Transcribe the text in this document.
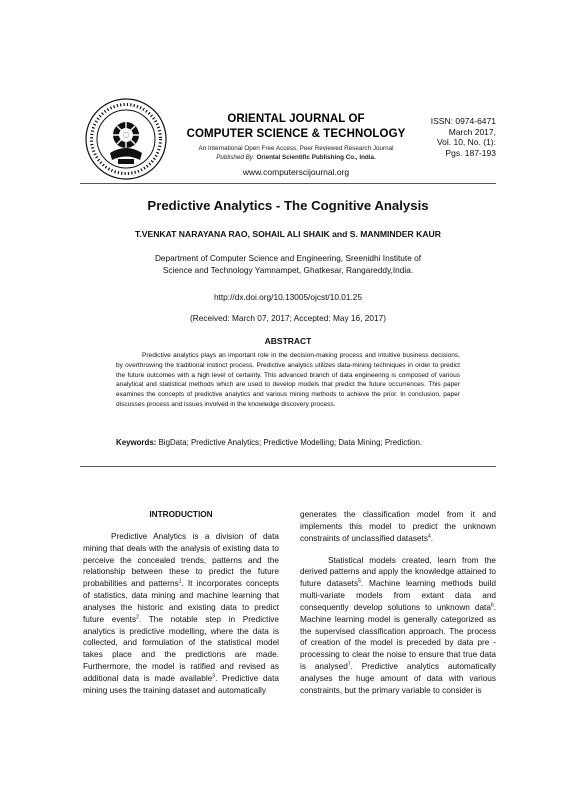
ORIENTAL JOURNAL OF
COMPUTER SCIENCE & TECHNOLOGY
An International Open Free Access, Peer Reviewed Research Journal
Published By: Oriental Scientific Publishing Co., India.
www.computerscijournal.org
ISSN: 0974-6471
March 2017,
Vol. 10, No. (1):
Pgs. 187-193
Predictive Analytics - The Cognitive Analysis
T.VENKAT NARAYANA RAO, SOHAIL ALI SHAIK and S. MANMINDER KAUR
Department of Computer Science and Engineering, Sreenidhi Institute of
Science and Technology Yamnampet, Ghatkesar, Rangareddy,India.
http://dx.doi.org/10.13005/ojcst/10.01.25
(Received: March 07, 2017; Accepted: May 16, 2017)
ABSTRACT
Predictive analytics plays an important role in the decision-making process and intuitive business decisions, by overthrowing the traditional instinct process. Predictive analytics utilizes data-mining techniques in order to predict the future outcomes with a high level of certainty. This advanced branch of data engineering is composed of various analytical and statistical methods which are used to develop models that predict the future occurrences. This paper examines the concepts of predictive analytics and various mining methods to achieve the prior. In conclusion, paper discusses process and issues involved in the knowledge discovery process.
Keywords: BigData; Predictive Analytics; Predictive Modelling; Data Mining; Prediction.
INTRODUCTION

Predictive Analytics is a division of data mining that deals with the analysis of existing data to perceive the concealed trends, patterns and the relationship between these to predict the future probabilities and patterns$^1$. It incorporates concepts of statistics, data mining and machine learning that analyses the historic and existing data to predict future events$^2$. The notable step in Predictive analytics is predictive modelling, where the data is collected, and formulation of the statistical model takes place and the predictions are made. Furthermore, the model is ratified and revised as additional data is made available$^3$. Predictive data mining uses the training dataset and automatically

generates the classification model from it and implements this model to predict the unknown constraints of unclassified datasets$^4$.

Statistical models created, learn from the derived patterns and apply the knowledge attained to future datasets$^5$. Machine learning methods build multi-variate models from extant data and consequently develop solutions to unknown data$^6$. Machine learning model is generally categorized as the supervised classification approach. The process of creation of the model is preceded by data pre -processing to clear the noise to ensure that true data is analysed$^7$. Predictive analytics automatically analyses the huge amount of data with various constraints, but the primary variable to consider is
